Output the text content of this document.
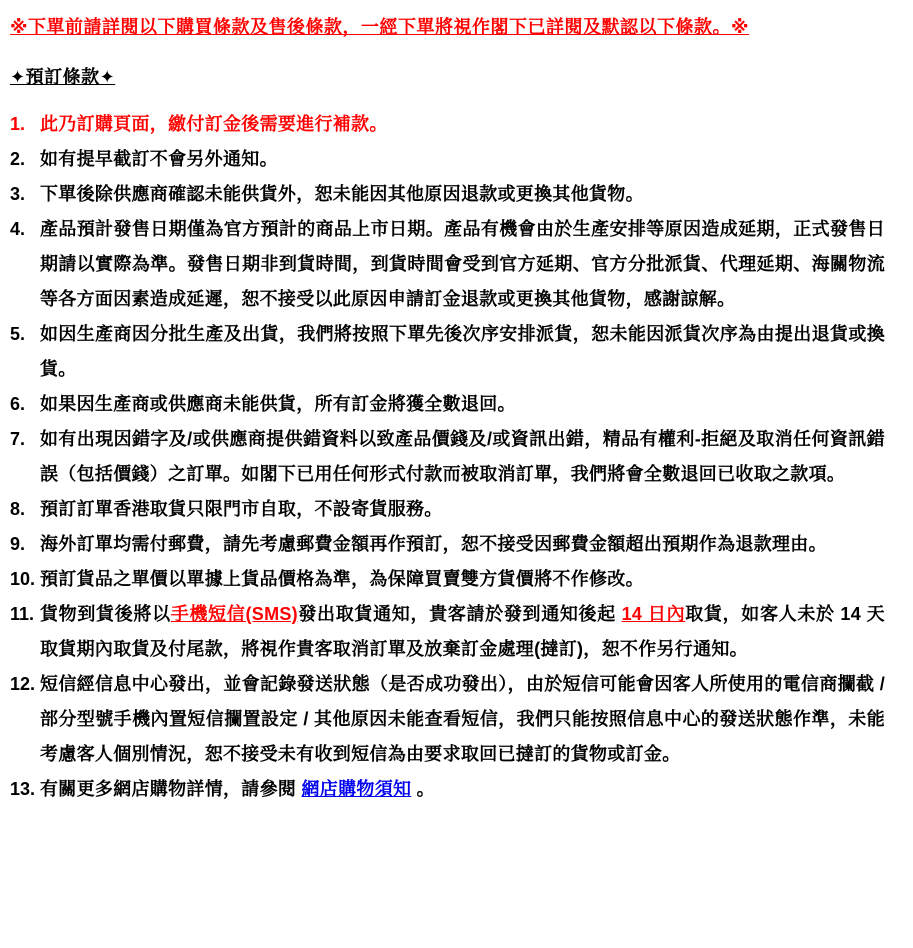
※下單前請詳閱以下購買條款及售後條款，一經下單將視作閣下已詳閱及默認以下條款。※
✦預訂條款✦
1. 此乃訂購頁面，繳付訂金後需要進行補款。
2. 如有提早截訂不會另外通知。
3. 下單後除供應商確認未能供貨外，恕未能因其他原因退款或更換其他貨物。
4. 產品預計發售日期僅為官方預計的商品上市日期。產品有機會由於生產安排等原因造成延期，正式發售日期請以實際為準。發售日期非到貨時間，到貨時間會受到官方延期、官方分批派貨、代理延期、海關物流等各方面因素造成延遲，恕不接受以此原因申請訂金退款或更換其他貨物，感謝諒解。
5. 如因生產商因分批生產及出貨，我們將按照下單先後次序安排派貨，恕未能因派貨次序為由提出退貨或換貨。
6. 如果因生產商或供應商未能供貨，所有訂金將獲全數退回。
7. 如有出現因錯字及/或供應商提供錯資料以致產品價錢及/或資訊出錯，精品有權利-拒絕及取消任何資訊錯誤（包括價錢）之訂單。如閣下已用任何形式付款而被取消訂單，我們將會全數退回已收取之款項。
8. 預訂訂單香港取貨只限門市自取，不設寄貨服務。
9. 海外訂單均需付郵費，請先考慮郵費金額再作預訂，恕不接受因郵費金額超出預期作為退款理由。
10. 預訂貨品之單價以單據上貨品價格為準，為保障買賣雙方貨價將不作修改。
11. 貨物到貨後將以手機短信(SMS)發出取貨通知，貴客請於發到通知後起 14 日內取貨，如客人未於 14 天取貨期內取貨及付尾款，將視作貴客取消訂單及放棄訂金處理(撻訂)，恕不作另行通知。
12. 短信經信息中心發出，並會記錄發送狀態（是否成功發出），由於短信可能會因客人所使用的電信商攔截 / 部分型號手機內置短信攔置設定 / 其他原因未能查看短信，我們只能按照信息中心的發送狀態作準，未能考慮客人個別情況，恕不接受未有收到短信為由要求取回已撻訂的貨物或訂金。
13. 有關更多網店購物詳情，請參閱 網店購物須知 。
